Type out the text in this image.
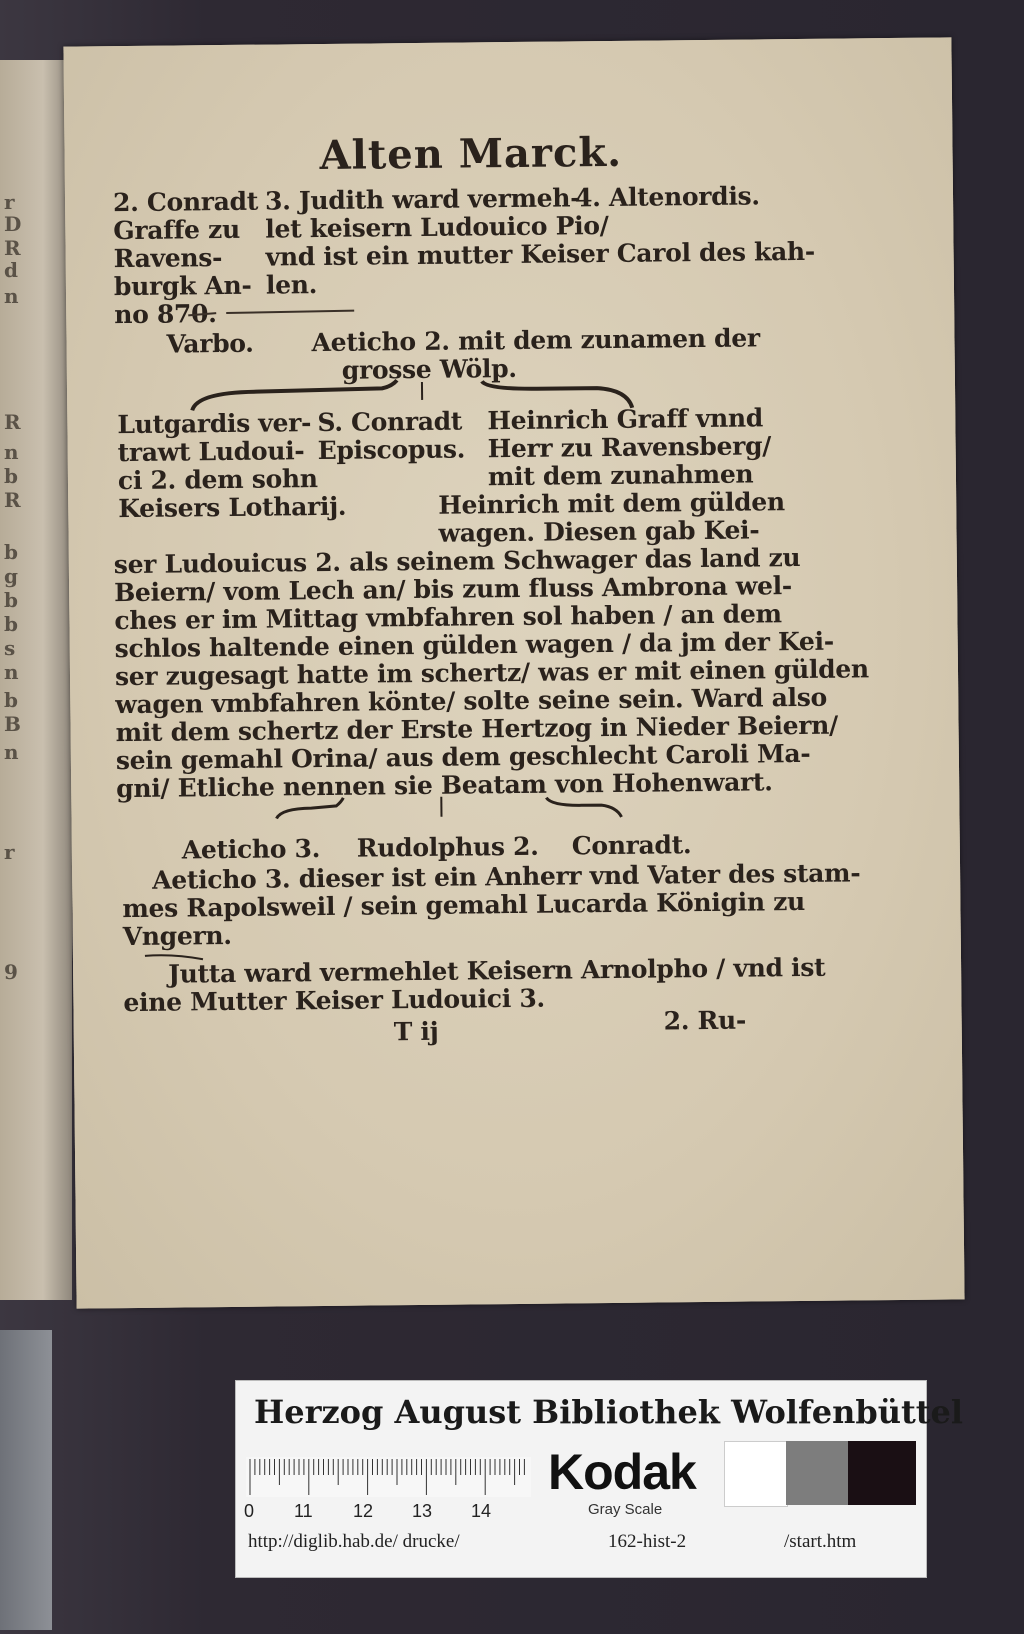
r
D
R
d
n
R
n
b
R
b
g
b
b
s
n
b
B
n
r
9
Alten Marck.
2. Conradt
Graffe zu
Ravens-
burgk An-
no 870.
3. Judith ward vermeh-
let keisern Ludouico Pio/
vnd ist ein mutter Keiser Carol des kah-
len.
4. Altenordis.
Varbo. Aeticho 2. mit dem zunamen der
grosse Wölp.
Lutgardis ver-
trawt Ludoui-
ci 2. dem sohn
Keisers Lotharij.
S. Conradt
Episcopus.
Heinrich Graff vnnd
Herr zu Ravensberg/
mit dem zunahmen
Heinrich mit dem gülden
wagen. Diesen gab Kei-
ser Ludouicus 2. als seinem Schwager das land zu
Beiern/ vom Lech an/ bis zum fluss Ambrona wel-
ches er im Mittag vmbfahren sol haben / an dem
schlos haltende einen gülden wagen / da jm der Kei-
ser zugesagt hatte im schertz/ was er mit einen gülden
wagen vmbfahren könte/ solte seine sein. Ward also
mit dem schertz der Erste Hertzog in Nieder Beiern/
sein gemahl Orina/ aus dem geschlecht Caroli Ma-
gni/ Etliche nennen sie Beatam von Hohenwart.
Aeticho 3. Rudolphus 2. Conradt.
Aeticho 3. dieser ist ein Anherr vnd Vater des stam-
mes Rapolsweil / sein gemahl Lucarda Königin zu
Vngern.
Jutta ward vermehlet Keisern Arnolpho / vnd ist
eine Mutter Keiser Ludouici 3.
T ij	2. Ru-
Herzog August Bibliothek Wolfenbüttel
0 11 12 13 14
Kodak
Gray Scale
http://diglib.hab.de/ drucke/	162-hist-2	/start.htm
